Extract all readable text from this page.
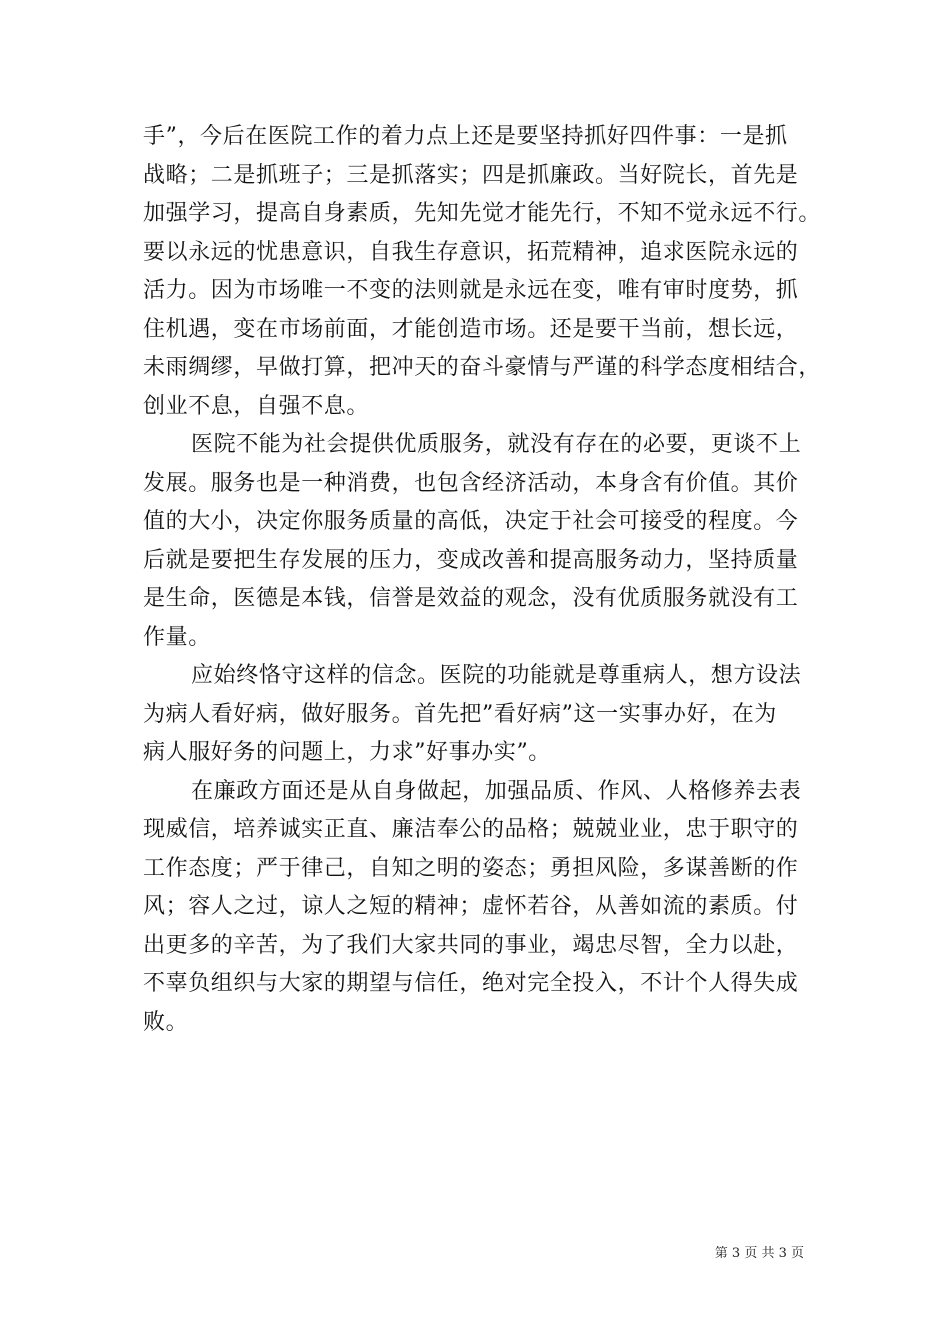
手”，今后在医院工作的着力点上还是要坚持抓好四件事：一是抓
战略；二是抓班子；三是抓落实；四是抓廉政。当好院长，首先是
加强学习，提高自身素质，先知先觉才能先行，不知不觉永远不行。
要以永远的忧患意识，自我生存意识，拓荒精神，追求医院永远的
活力。因为市场唯一不变的法则就是永远在变，唯有审时度势，抓
住机遇，变在市场前面，才能创造市场。还是要干当前，想长远，
未雨绸缪，早做打算，把冲天的奋斗豪情与严谨的科学态度相结合，
创业不息，自强不息。
医院不能为社会提供优质服务，就没有存在的必要，更谈不上
发展。服务也是一种消费，也包含经济活动，本身含有价值。其价
值的大小，决定你服务质量的高低，决定于社会可接受的程度。今
后就是要把生存发展的压力，变成改善和提高服务动力，坚持质量
是生命，医德是本钱，信誉是效益的观念，没有优质服务就没有工
作量。
应始终恪守这样的信念。医院的功能就是尊重病人，想方设法
为病人看好病，做好服务。首先把”看好病”这一实事办好，在为
病人服好务的问题上，力求”好事办实”。
在廉政方面还是从自身做起，加强品质、作风、人格修养去表
现威信，培养诚实正直、廉洁奉公的品格；兢兢业业，忠于职守的
工作态度；严于律己，自知之明的姿态；勇担风险，多谋善断的作
风；容人之过，谅人之短的精神；虚怀若谷，从善如流的素质。付
出更多的辛苦，为了我们大家共同的事业，竭忠尽智，全力以赴，
不辜负组织与大家的期望与信任，绝对完全投入，不计个人得失成
败。
第 3 页 共 3 页
